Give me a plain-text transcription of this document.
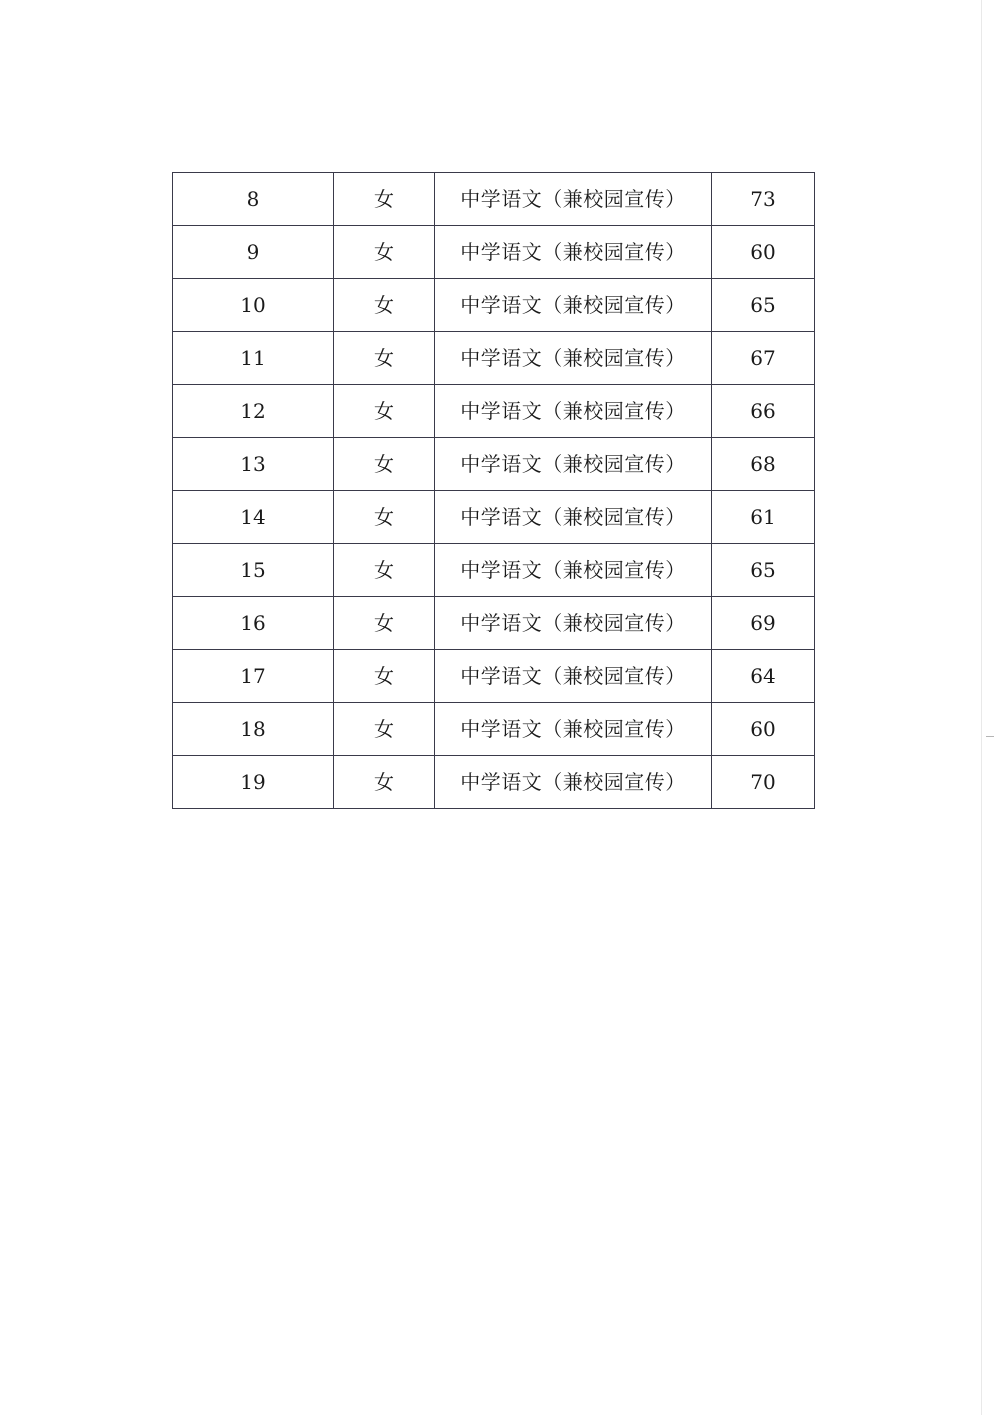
8	女	中学语文（兼校园宣传）	73
9	女	中学语文（兼校园宣传）	60
10	女	中学语文（兼校园宣传）	65
11	女	中学语文（兼校园宣传）	67
12	女	中学语文（兼校园宣传）	66
13	女	中学语文（兼校园宣传）	68
14	女	中学语文（兼校园宣传）	61
15	女	中学语文（兼校园宣传）	65
16	女	中学语文（兼校园宣传）	69
17	女	中学语文（兼校园宣传）	64
18	女	中学语文（兼校园宣传）	60
19	女	中学语文（兼校园宣传）	70
